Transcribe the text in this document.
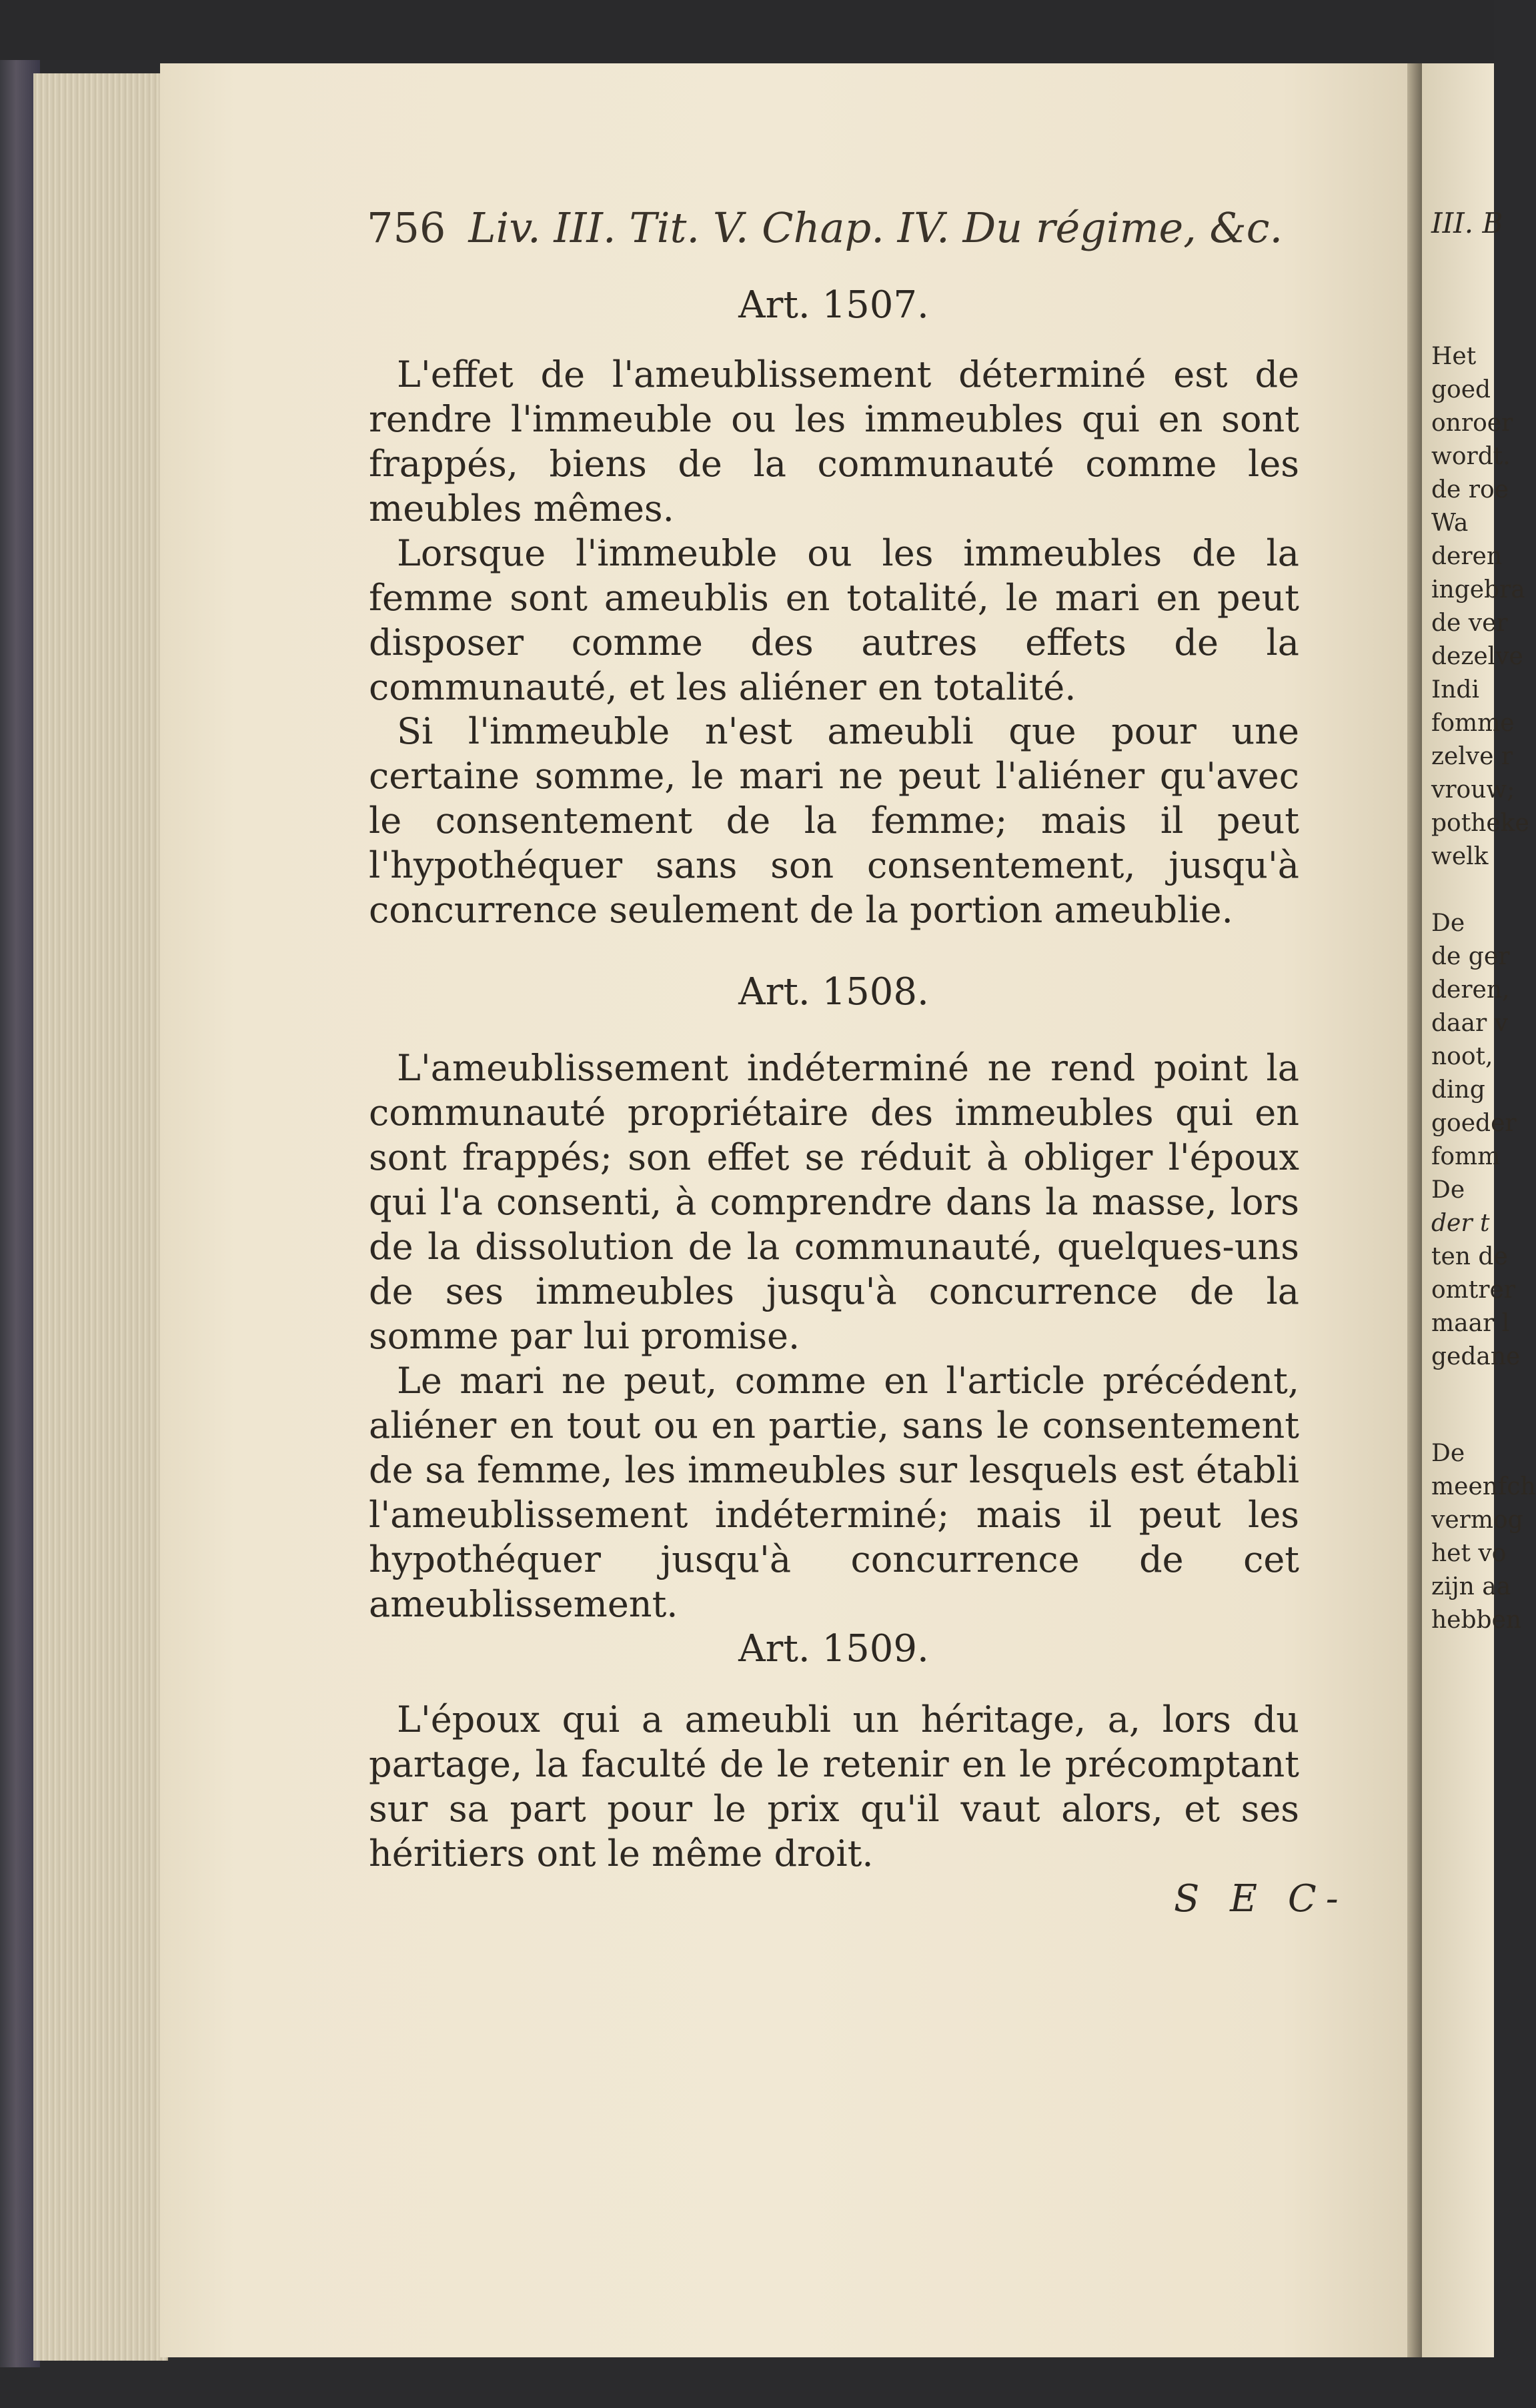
756 Liv. III. Tit. V. Chap. IV. Du régime, &c.
Art. 1507.
L'effet de l'ameublissement déterminé est de rendre l'immeuble ou les immeubles qui en sont frappés, biens de la communauté comme les meubles mêmes.
Lorsque l'immeuble ou les immeubles de la femme sont ameublis en totalité, le mari en peut disposer comme des autres effets de la communauté, et les aliéner en totalité.
Si l'immeuble n'est ameubli que pour une certaine somme, le mari ne peut l'aliéner qu'avec le consentement de la femme; mais il peut l'hypothéquer sans son consentement, jusqu'à concurrence seulement de la portion ameublie.
Art. 1508.
L'ameublissement indéterminé ne rend point la communauté propriétaire des immeubles qui en sont frappés; son effet se réduit à obliger l'époux qui l'a consenti, à comprendre dans la masse, lors de la dissolution de la communauté, quelques-uns de ses immeubles jusqu'à concurrence de la somme par lui promise.
Le mari ne peut, comme en l'article précédent, aliéner en tout ou en partie, sans le consentement de sa femme, les immeubles sur lesquels est établi l'ameublissement indéterminé; mais il peut les hypothéquer jusqu'à concurrence de cet ameublissement.
Art. 1509.
L'époux qui a ameubli un héritage, a, lors du partage, la faculté de le retenir en le précomptant sur sa part pour le prix qu'il vaut alors, et ses héritiers ont le même droit.
S E C-
III. B
Het
goed
onroer
wordt.
de roe
Wa
deren
ingebra
de ver
dezelve
Indi
fomme
zelve r
vrouw;
potheke
welk
De
de ger
deren,
daar v
noot,
ding
goeder
fomm
De
der t
ten de
omtrer
maar l
gedane
De
meenfch
vermog
het vo
zijn aa
hebben
